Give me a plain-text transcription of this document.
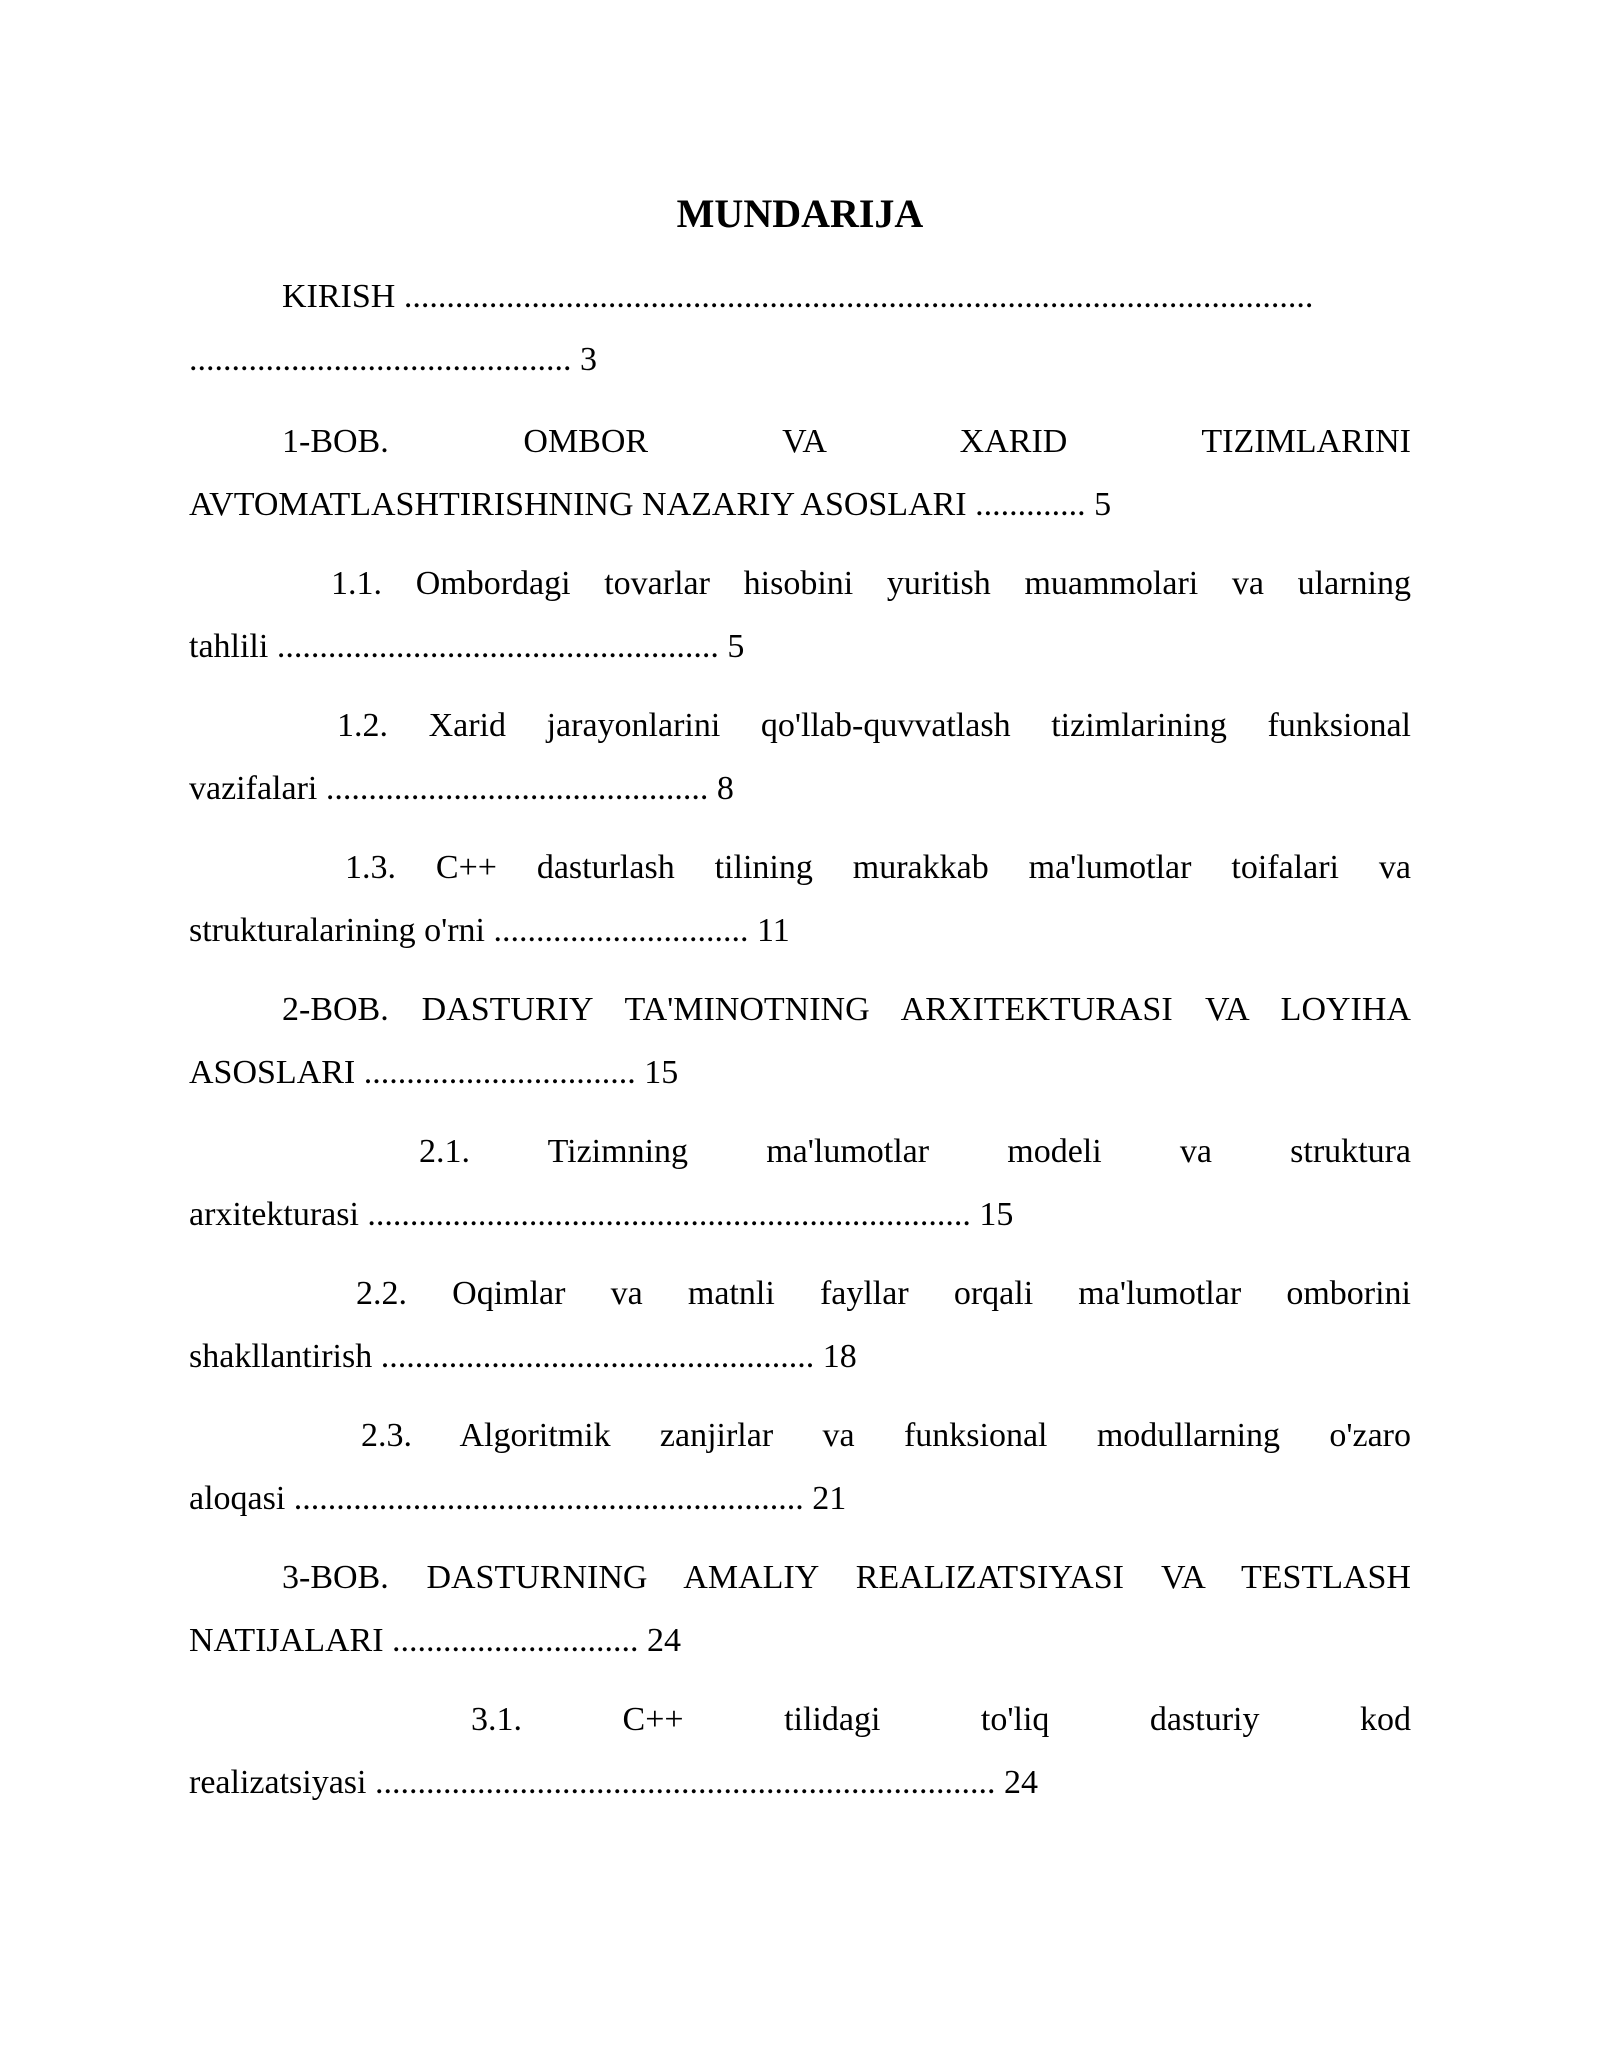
MUNDARIJA
KIRISH ...........................................................................................................
............................................. 3
1-BOB. OMBOR VA XARID TIZIMLARINI
AVTOMATLASHTIRISHNING NAZARIY ASOSLARI ............. 5
1.1. Ombordagi tovarlar hisobini yuritish muammolari va ularning
tahlili .................................................... 5
1.2. Xarid jarayonlarini qo'llab-quvvatlash tizimlarining funksional
vazifalari ............................................. 8
1.3. C++ dasturlash tilining murakkab ma'lumotlar toifalari va
strukturalarining o'rni .............................. 11
2-BOB. DASTURIY TA'MINOTNING ARXITEKTURASI VA LOYIHA
ASOSLARI ................................ 15
2.1. Tizimning ma'lumotlar modeli va struktura
arxitekturasi ....................................................................... 15
2.2. Oqimlar va matnli fayllar orqali ma'lumotlar omborini
shakllantirish ................................................... 18
2.3. Algoritmik zanjirlar va funksional modullarning o'zaro
aloqasi ............................................................ 21
3-BOB. DASTURNING AMALIY REALIZATSIYASI VA TESTLASH
NATIJALARI ............................. 24
3.1. C++ tilidagi to'liq dasturiy kod
realizatsiyasi ......................................................................... 24
